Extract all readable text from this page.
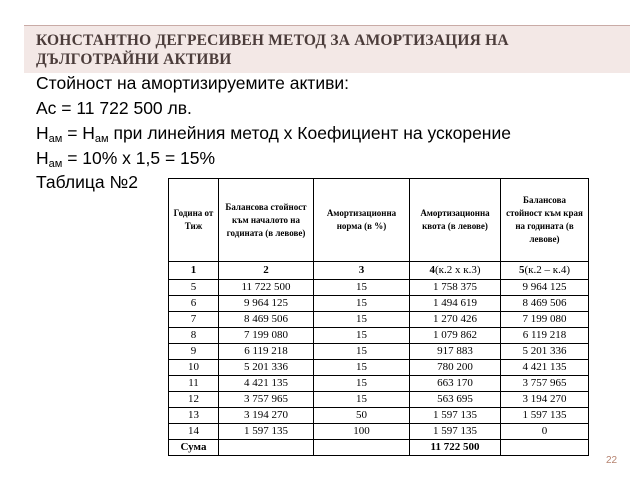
КОНСТАНТНО ДЕГРЕСИВЕН МЕТОД ЗА АМОРТИЗАЦИЯ НА ДЪЛГОТРАЙНИ АКТИВИ
Стойност на амортизируемите активи:
Ас = 11 722 500 лв.
$Н_{ам} = Н_{ам}$ при линейния метод х Коефициент на ускорение
$Н_{ам} = 10\%$ х 1,5 = 15%
Таблица №2
Година от Тиж	Балансова стойност към началото на годината (в левове)	Амортизационна норма (в %)	Амортизационна квота (в левове)	Балансова стойност към края на годината (в левове)
1	2	3	4(к.2 х к.3)	5(к.2 – к.4)
5	11 722 500	15	1 758 375	9 964 125
6	9 964 125	15	1 494 619	8 469 506
7	8 469 506	15	1 270 426	7 199 080
8	7 199 080	15	1 079 862	6 119 218
9	6 119 218	15	917 883	5 201 336
10	5 201 336	15	780 200	4 421 135
11	4 421 135	15	663 170	3 757 965
12	3 757 965	15	563 695	3 194 270
13	3 194 270	50	1 597 135	1 597 135
14	1 597 135	100	1 597 135	0
Сума			11 722 500	
22
